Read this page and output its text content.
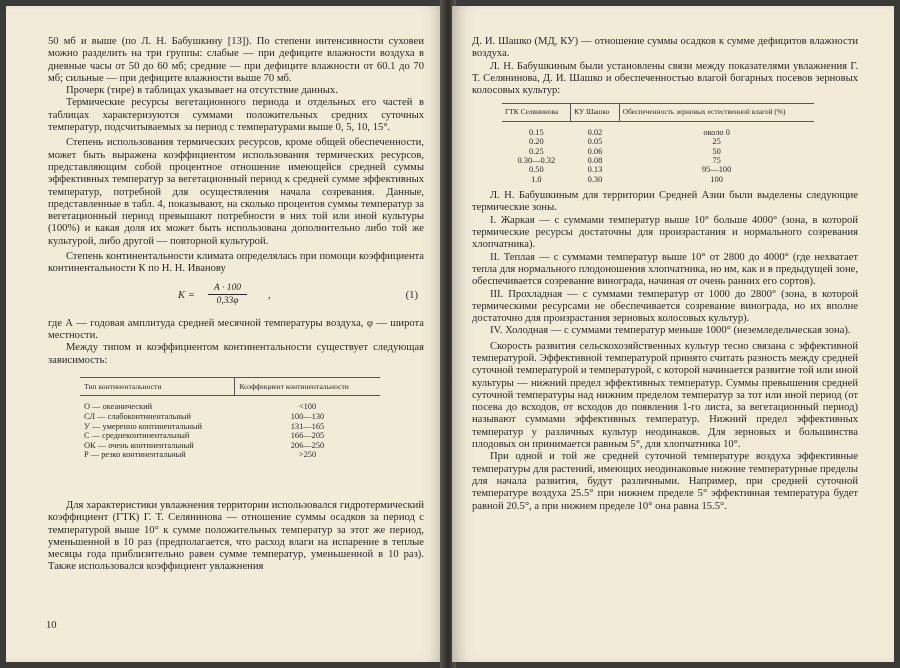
50 мб и выше (по Л. Н. Бабушкину [13]). По степени интенсивности суховеи можно разделить на три группы: слабые — при дефиците влажности воздуха в дневные часы от 50 до 60 мб; средние — при дефиците влажности от 60.1 до 70 мб; сильные — при дефиците влажности выше 70 мб.

Прочерк (тире) в таблицах указывает на отсутствие данных.

Термические ресурсы вегетационного периода и отдельных его частей в таблицах характеризуются суммами положительных средних суточных температур, подсчитываемых за период с температурами выше 0, 5, 10, 15°.

Степень использования термических ресурсов, кроме общей обеспеченности, может быть выражена коэффициентом использования термических ресурсов, представляющим собой процентное отношение имеющейся средней суммы эффективных температур за вегетационный период к средней сумме эффективных температур, потребной для осуществления начала созревания. Данные, представленные в табл. 4, показывают, на сколько процентов суммы температур за вегетационный период превышают потребности в них той или иной культуры (100%) и какая доля их может быть использована дополнительно либо той же культурой, либо другой — повторной культурой.

Степень континентальности климата определялась при помощи коэффициента континентальности К по Н. Н. Иванову

$K = \frac{A \cdot 100}{0,33\varphi}$ ,	(1)

где А — годовая амплитуда средней месячной температуры воздуха, φ — широта местности.

Между типом и коэффициентом континентальности существует следующая зависимость:

Тип континентальности	Коэффициент континентальности
О — океанический	<100
СЛ — слабоконтинентальный	100—130
У — умеренно континентальный	131—165
С — среднеконтинентальный	166—205
ОК — очень континентальный	206—250
Р — резко континентальный	>250

Для характеристики увлажнения территории использовался гидротермический коэффициент (ГТК) Г. Т. Селянинова — отношение суммы осадков за период с температурой выше 10° к сумме положительных температур за этот же период, уменьшенной в 10 раз (предполагается, что расход влаги на испарение в теплые месяцы года приблизительно равен сумме температур, уменьшенной в 10 раз). Также использовался коэффициент увлажнения

10

Д. И. Шашко (МД, КУ) — отношение суммы осадков к сумме дефицитов влажности воздуха.

Л. Н. Бабушкиным были установлены связи между показателями увлажнения Г. Т. Селянинова, Д. И. Шашко и обеспеченностью влагой богарных посевов зерновых колосовых культур:

ГТК Селянинова	КУ Шашко	Обеспеченность зерновых естественной влагой (%)
0.15	0.02	около 0
0.20	0.05	25
0.25	0.06	50
0.30—0.32	0.08	75
0.50	0.13	95—100
1.0	0.30	100

Л. Н. Бабушкиным для территории Средней Азии были выделены следующие термические зоны.

I. Жаркая — с суммами температур выше 10° больше 4000° (зона, в которой термические ресурсы достаточны для произрастания и нормального созревания хлопчатника).

II. Теплая — с суммами температур выше 10° от 2800 до 4000° (где нехватает тепла для нормального плодоношения хлопчатника, но им, как и в предыдущей зоне, обеспечивается созревание винограда, начиная от очень ранних его сортов).

III. Прохладная — с суммами температур от 1000 до 2800° (зона, в которой термическими ресурсами не обеспечивается созревание винограда, но их вполне достаточно для произрастания зерновых колосовых культур).

IV. Холодная — с суммами температур меньше 1000° (неземледельческая зона).

Скорость развития сельскохозяйственных культур тесно связана с эффективной температурой. Эффективной температурой принято считать разность между средней суточной температурой и температурой, с которой начинается развитие той или иной культуры — нижний предел эффективных температур. Суммы превышения средней суточной температуры над нижним пределом температур за тот или иной период (от посева до всходов, от всходов до появления 1-го листа, за вегетационный период) называют суммами эффективных температур. Нижний предел эффективных температур у различных культур неодинаков. Для зерновых и большинства плодовых он принимается равным 5°, для хлопчатника 10°.

При одной и той же средней суточной температуре воздуха эффективные температуры для растений, имеющих неодинаковые нижние температурные пределы для начала развития, будут различными. Например, при средней суточной температуре воздуха 25.5° при нижнем пределе 5° эффективная температура будет равной 20.5°, а при нижнем пределе 10° она равна 15.5°.
